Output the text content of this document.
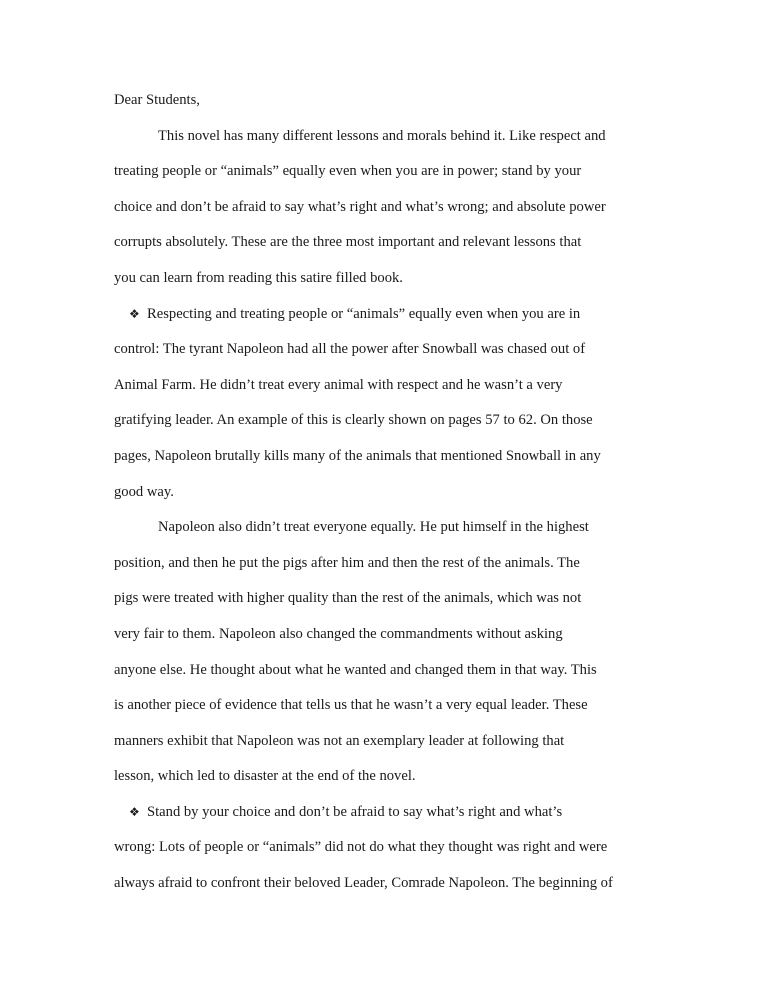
Dear Students,
This novel has many different lessons and morals behind it. Like respect and
treating people or “animals” equally even when you are in power; stand by your
choice and don’t be afraid to say what’s right and what’s wrong; and absolute power
corrupts absolutely. These are the three most important and relevant lessons that
you can learn from reading this satire filled book.
❖ Respecting and treating people or “animals” equally even when you are in
control: The tyrant Napoleon had all the power after Snowball was chased out of
Animal Farm. He didn’t treat every animal with respect and he wasn’t a very
gratifying leader. An example of this is clearly shown on pages 57 to 62. On those
pages, Napoleon brutally kills many of the animals that mentioned Snowball in any
good way.
Napoleon also didn’t treat everyone equally. He put himself in the highest
position, and then he put the pigs after him and then the rest of the animals. The
pigs were treated with higher quality than the rest of the animals, which was not
very fair to them. Napoleon also changed the commandments without asking
anyone else. He thought about what he wanted and changed them in that way. This
is another piece of evidence that tells us that he wasn’t a very equal leader. These
manners exhibit that Napoleon was not an exemplary leader at following that
lesson, which led to disaster at the end of the novel.
❖ Stand by your choice and don’t be afraid to say what’s right and what’s
wrong: Lots of people or “animals” did not do what they thought was right and were
always afraid to confront their beloved Leader, Comrade Napoleon. The beginning of
